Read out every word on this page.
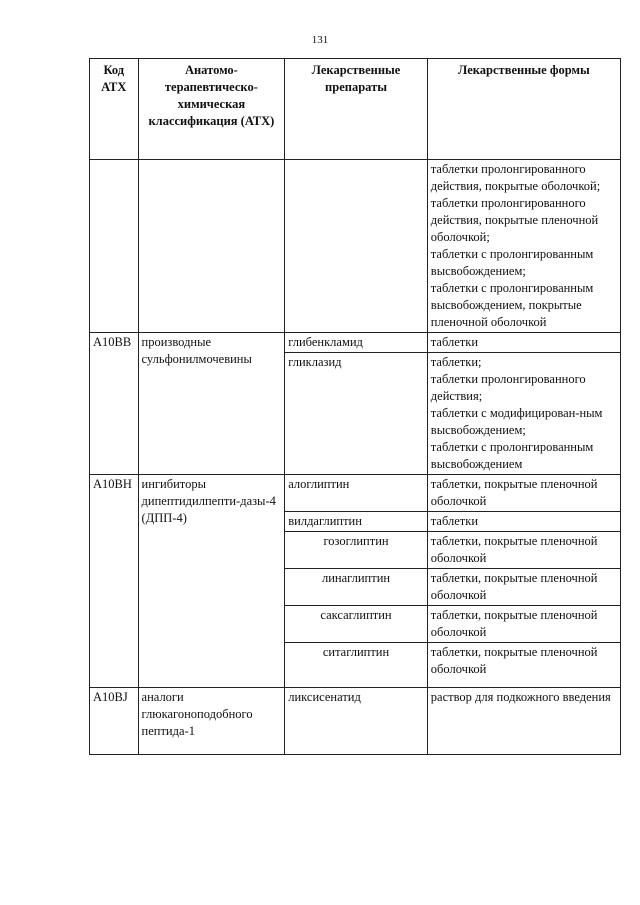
131
Код АТХ	Анатомо-терапевтическо-химическая классификация (АТХ)	Лекарственные препараты	Лекарственные формы
			таблетки пролонгированного действия, покрытые оболочкой;
таблетки пролонгированного действия, покрытые пленочной оболочкой;
таблетки с пролонгированным высвобождением;
таблетки с пролонгированным высвобождением, покрытые пленочной оболочкой
A10BB	производные сульфонилмочевины	глибенкламид	таблетки
		гликлазид	таблетки;
таблетки пролонгированного действия;
таблетки с модифицирован-ным высвобождением;
таблетки с пролонгированным высвобождением
A10BH	ингибиторы дипептидилпепти-дазы-4 (ДПП-4)	алоглиптин	таблетки, покрытые пленочной оболочкой
		вилдаглиптин	таблетки
		гозоглиптин	таблетки, покрытые пленочной оболочкой
		линаглиптин	таблетки, покрытые пленочной оболочкой
		саксаглиптин	таблетки, покрытые пленочной оболочкой
		ситаглиптин	таблетки, покрытые пленочной оболочкой
A10BJ	аналоги глюкагоноподобного пептида-1	ликсисенатид	раствор для подкожного введения
